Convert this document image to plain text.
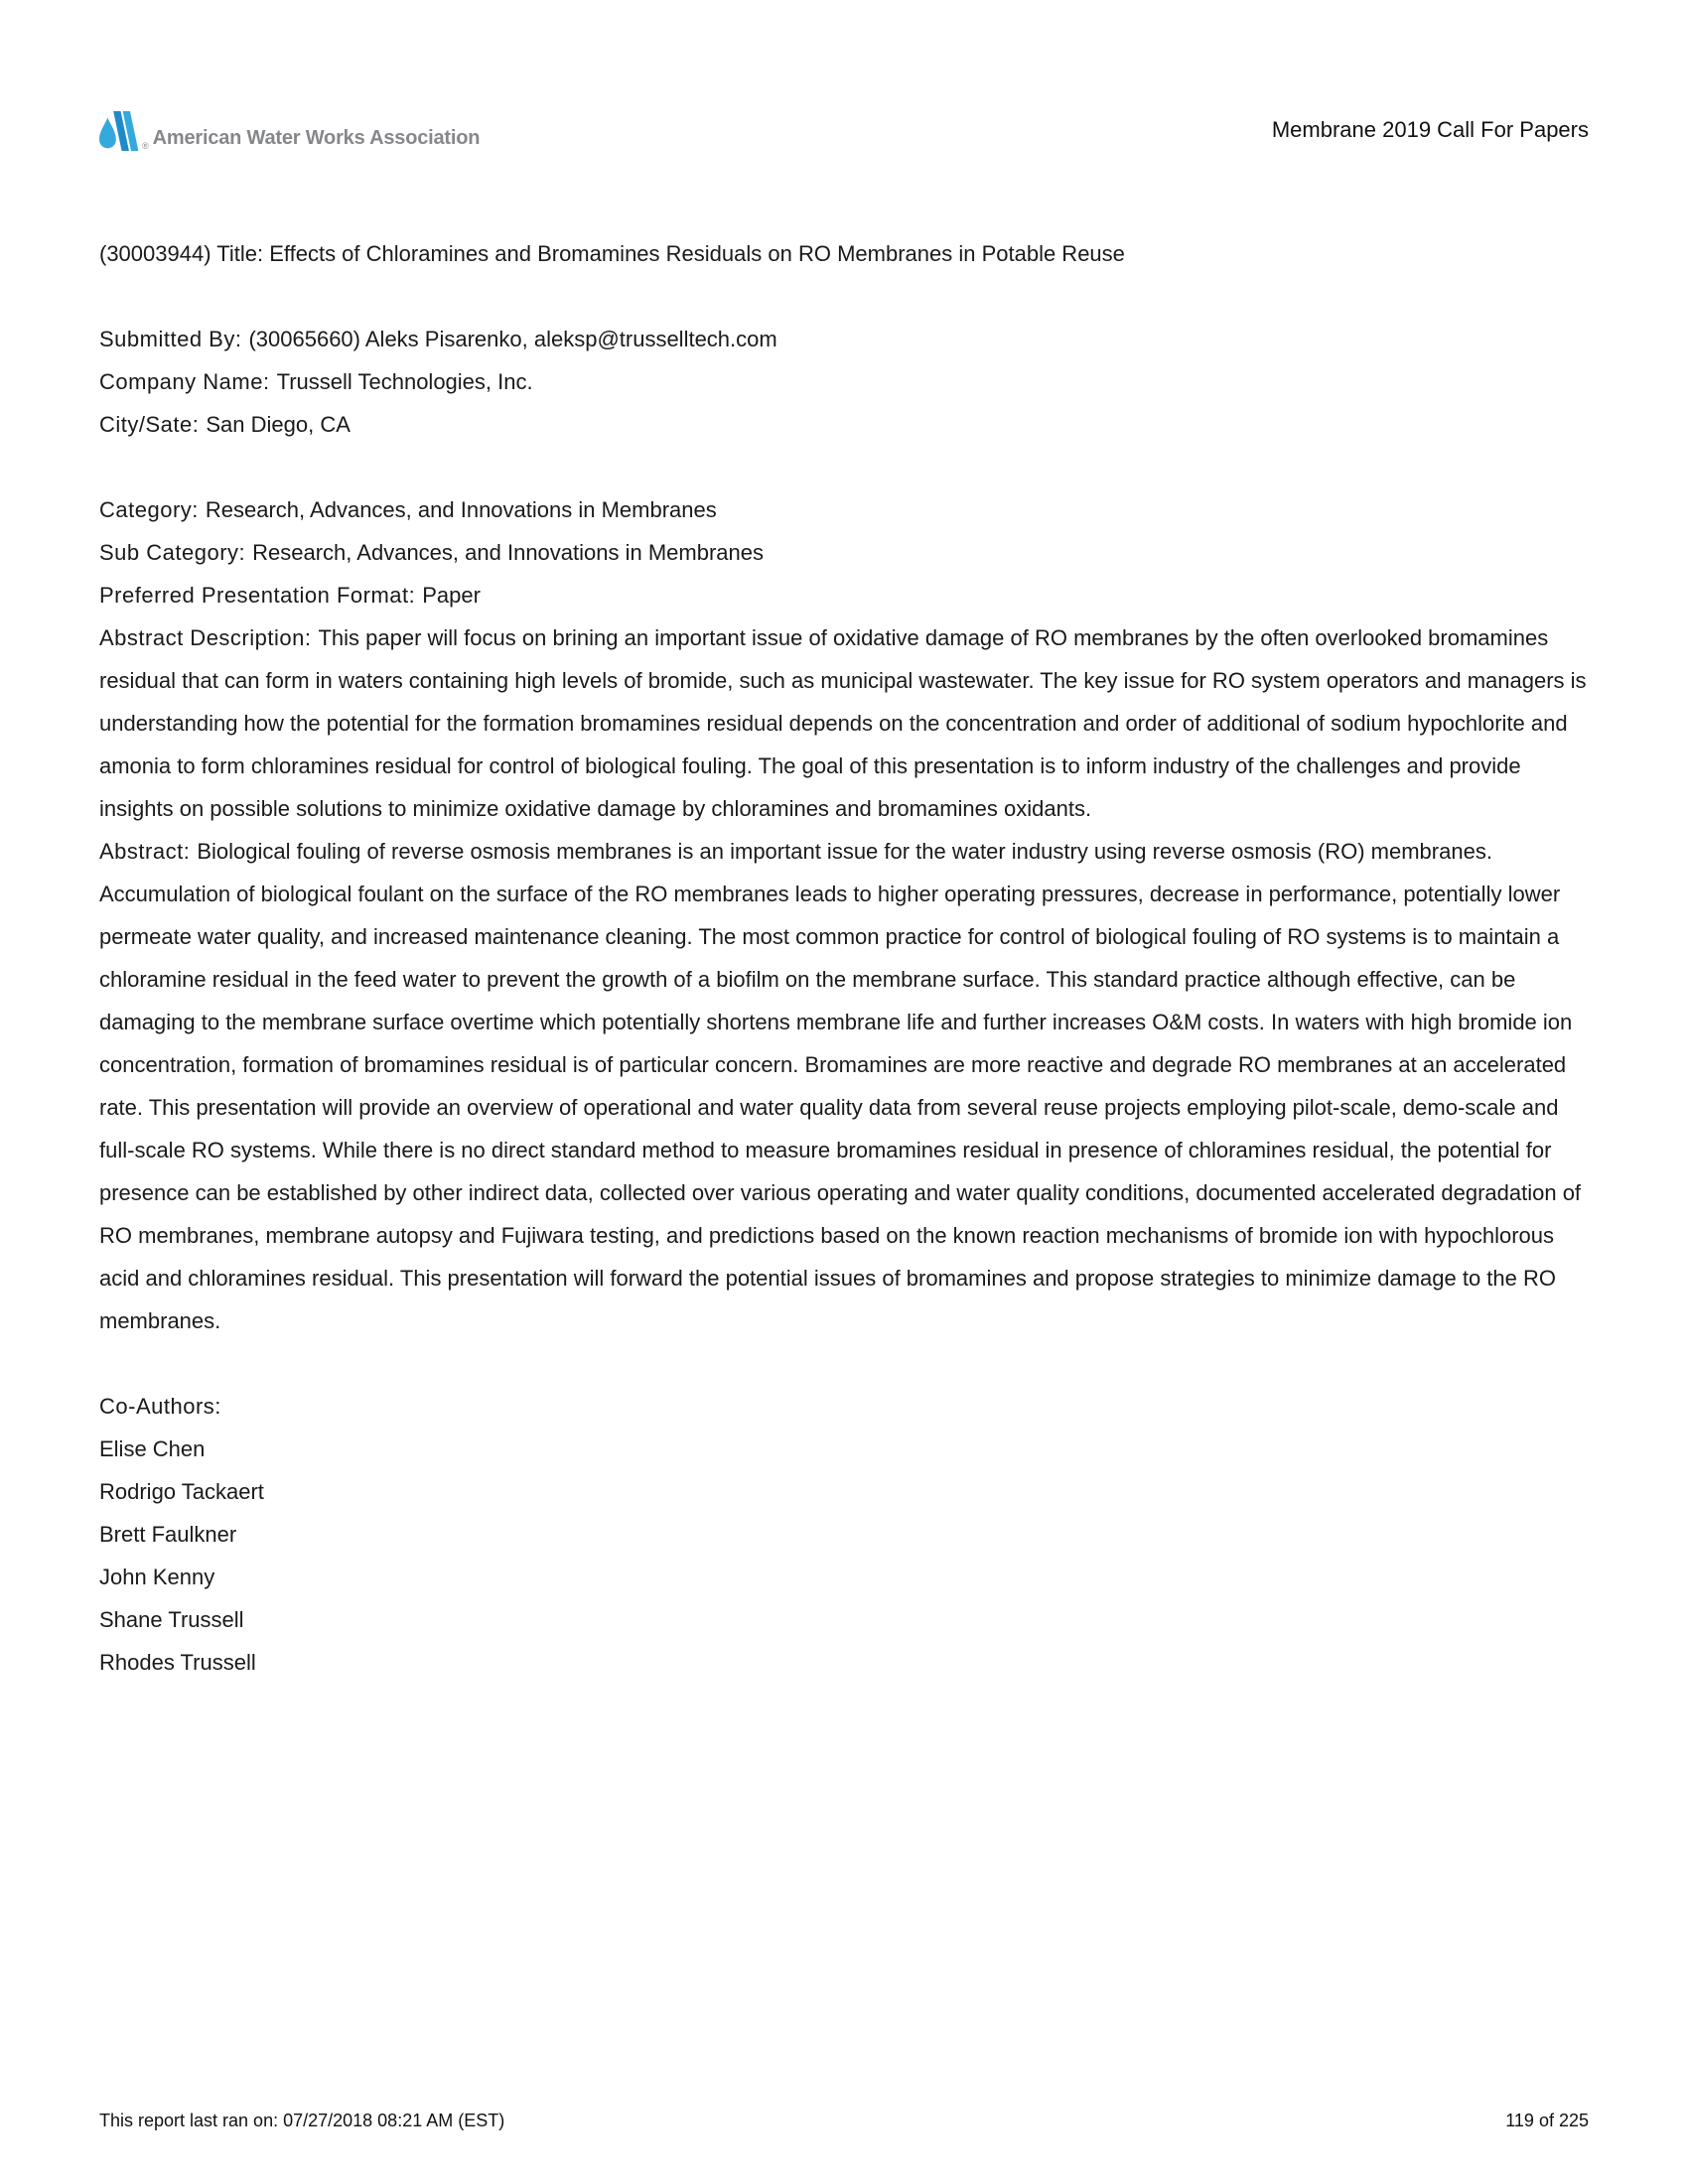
® American Water Works Association	Membrane 2019 Call For Papers
(30003944) Title: Effects of Chloramines and Bromamines Residuals on RO Membranes in Potable Reuse
Submitted By: (30065660) Aleks Pisarenko, aleksp@trusselltech.com
Company Name: Trussell Technologies, Inc.
City/Sate: San Diego, CA
Category: Research, Advances, and Innovations in Membranes
Sub Category: Research, Advances, and Innovations in Membranes
Preferred Presentation Format: Paper

Abstract Description: This paper will focus on brining an important issue of oxidative damage of RO membranes by the often overlooked bromamines residual that can form in waters containing high levels of bromide, such as municipal wastewater. The key issue for RO system operators and managers is understanding how the potential for the formation bromamines residual depends on the concentration and order of additional of sodium hypochlorite and amonia to form chloramines residual for control of biological fouling. The goal of this presentation is to inform industry of the challenges and provide insights on possible solutions to minimize oxidative damage by chloramines and bromamines oxidants.

Abstract: Biological fouling of reverse osmosis membranes is an important issue for the water industry using reverse osmosis (RO) membranes. Accumulation of biological foulant on the surface of the RO membranes leads to higher operating pressures, decrease in performance, potentially lower permeate water quality, and increased maintenance cleaning. The most common practice for control of biological fouling of RO systems is to maintain a chloramine residual in the feed water to prevent the growth of a biofilm on the membrane surface. This standard practice although effective, can be damaging to the membrane surface overtime which potentially shortens membrane life and further increases O&M costs. In waters with high bromide ion concentration, formation of bromamines residual is of particular concern. Bromamines are more reactive and degrade RO membranes at an accelerated rate. This presentation will provide an overview of operational and water quality data from several reuse projects employing pilot-scale, demo-scale and full-scale RO systems. While there is no direct standard method to measure bromamines residual in presence of chloramines residual, the potential for presence can be established by other indirect data, collected over various operating and water quality conditions, documented accelerated degradation of RO membranes, membrane autopsy and Fujiwara testing, and predictions based on the known reaction mechanisms of bromide ion with hypochlorous acid and chloramines residual. This presentation will forward the potential issues of bromamines and propose strategies to minimize damage to the RO membranes.

Co-Authors:
Elise Chen
Rodrigo Tackaert
Brett Faulkner
John Kenny
Shane Trussell
Rhodes Trussell
This report last ran on: 07/27/2018 08:21 AM (EST)	119 of 225
